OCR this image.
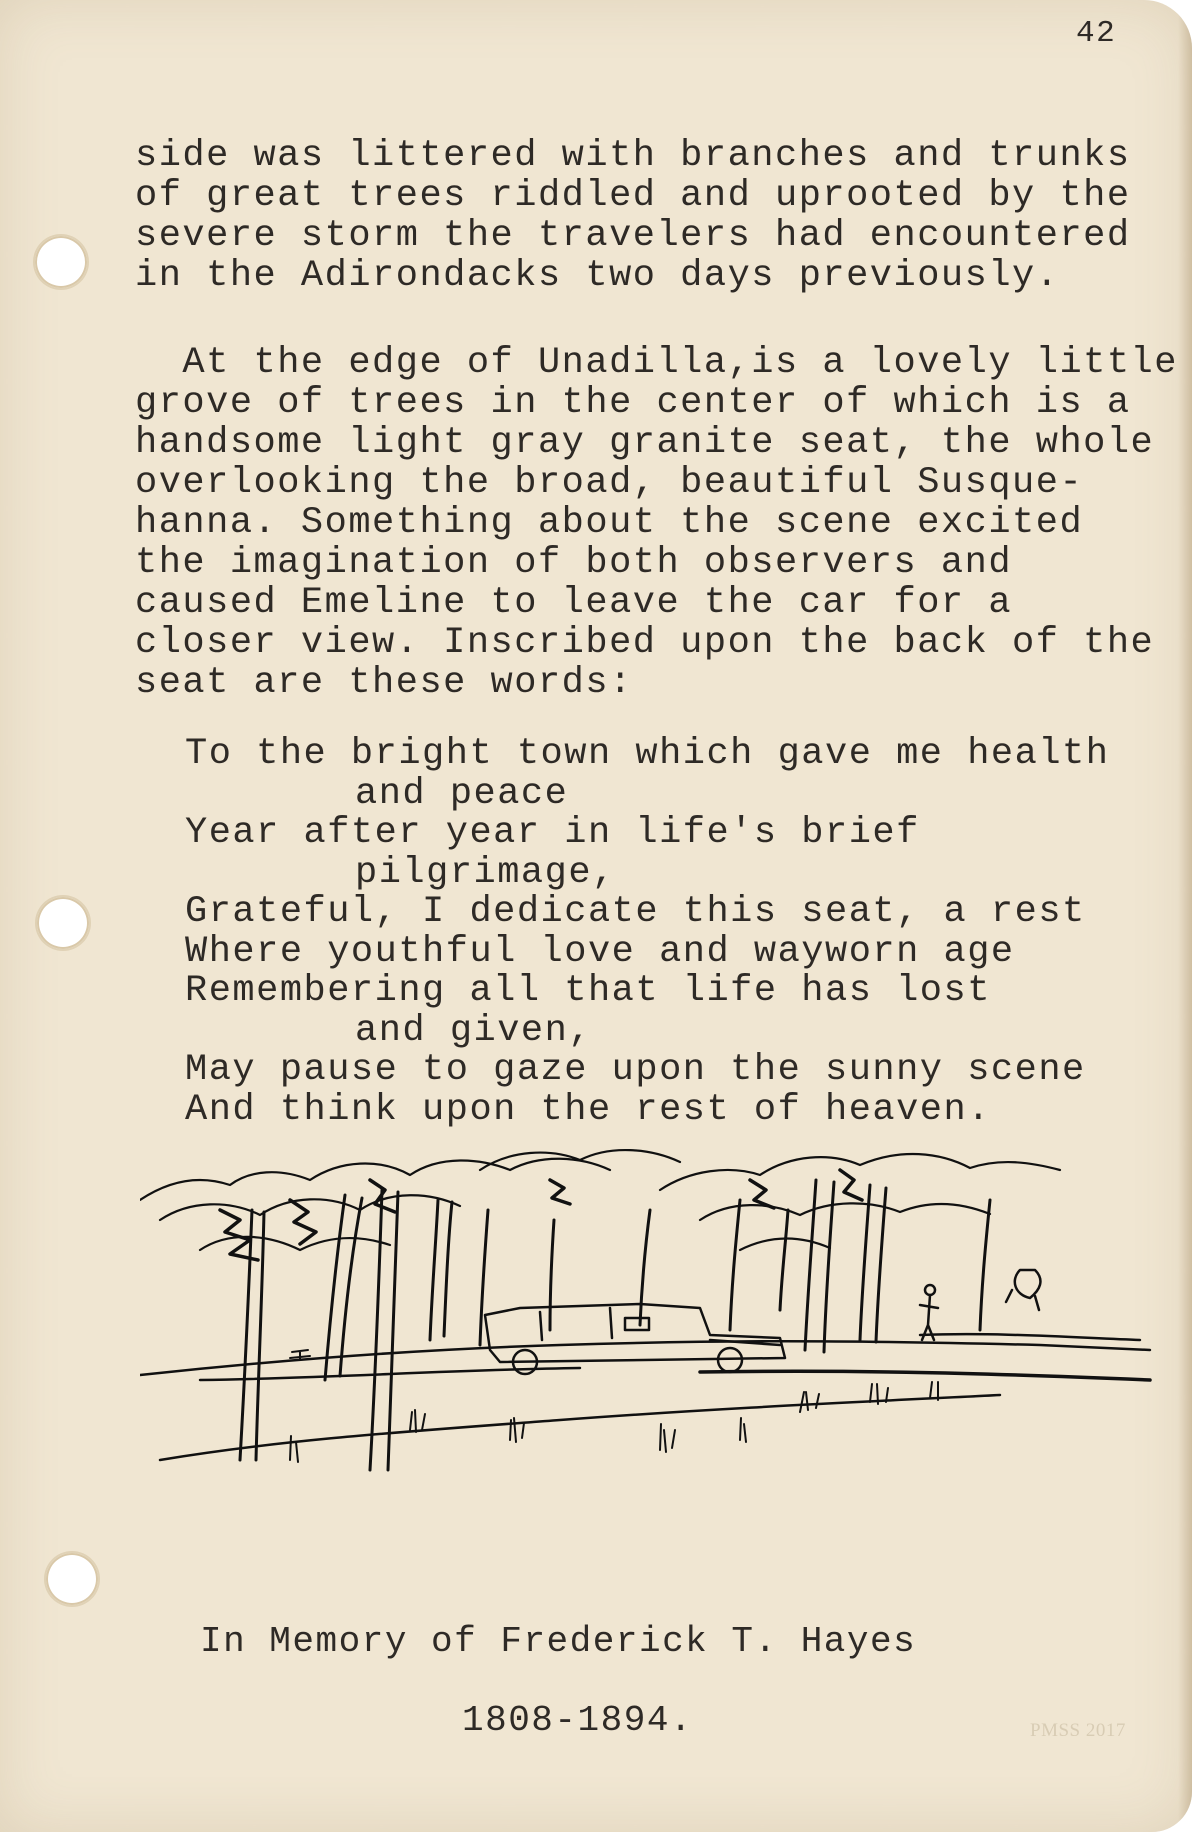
42
side was littered with branches and trunks
of great trees riddled and uprooted by the
severe storm the travelers had encountered
in the Adirondacks two days previously.
At the edge of Unadilla,is a lovely little
grove of trees in the center of which is a
handsome light gray granite seat, the whole
overlooking the broad, beautiful Susque-
hanna. Something about the scene excited
the imagination of both observers and
caused Emeline to leave the car for a
closer view. Inscribed upon the back of the
seat are these words:
To the bright town which gave me health
and peace
Year after year in life's brief
pilgrimage,
Grateful, I dedicate this seat, a rest
Where youthful love and wayworn age
Remembering all that life has lost
and given,
May pause to gaze upon the sunny scene
And think upon the rest of heaven.
In Memory of Frederick T. Hayes
1808-1894.	PMSS 2017
